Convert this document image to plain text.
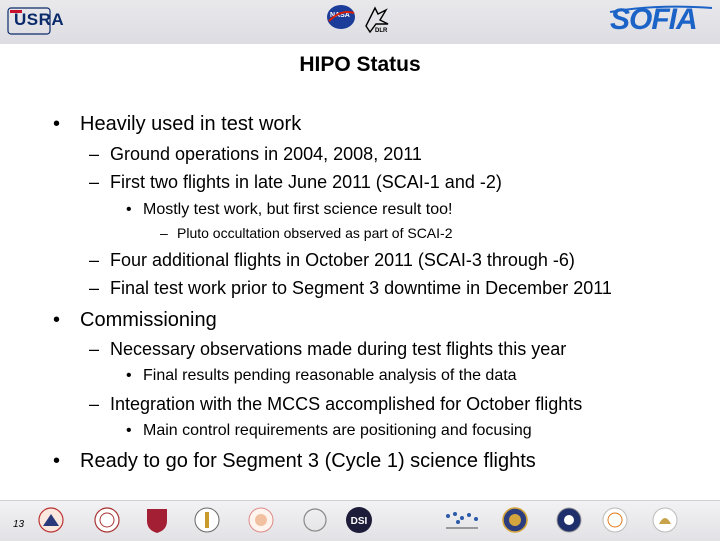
USRA	NASA
DLR	SOFIA
HIPO Status
• Heavily used in test work
– Ground operations in 2004, 2008, 2011
– First two flights in late June 2011 (SCAI-1 and -2)
• Mostly test work, but first science result too!
– Pluto occultation observed as part of SCAI-2
– Four additional flights in October 2011 (SCAI-3 through -6)
– Final test work prior to Segment 3 downtime in December 2011
• Commissioning
– Necessary observations made during test flights this year
• Final results pending reasonable analysis of the data
– Integration with the MCCS accomplished for October flights
• Main control requirements are positioning and focusing
• Ready to go for Segment 3 (Cycle 1) science flights
13	DSI
